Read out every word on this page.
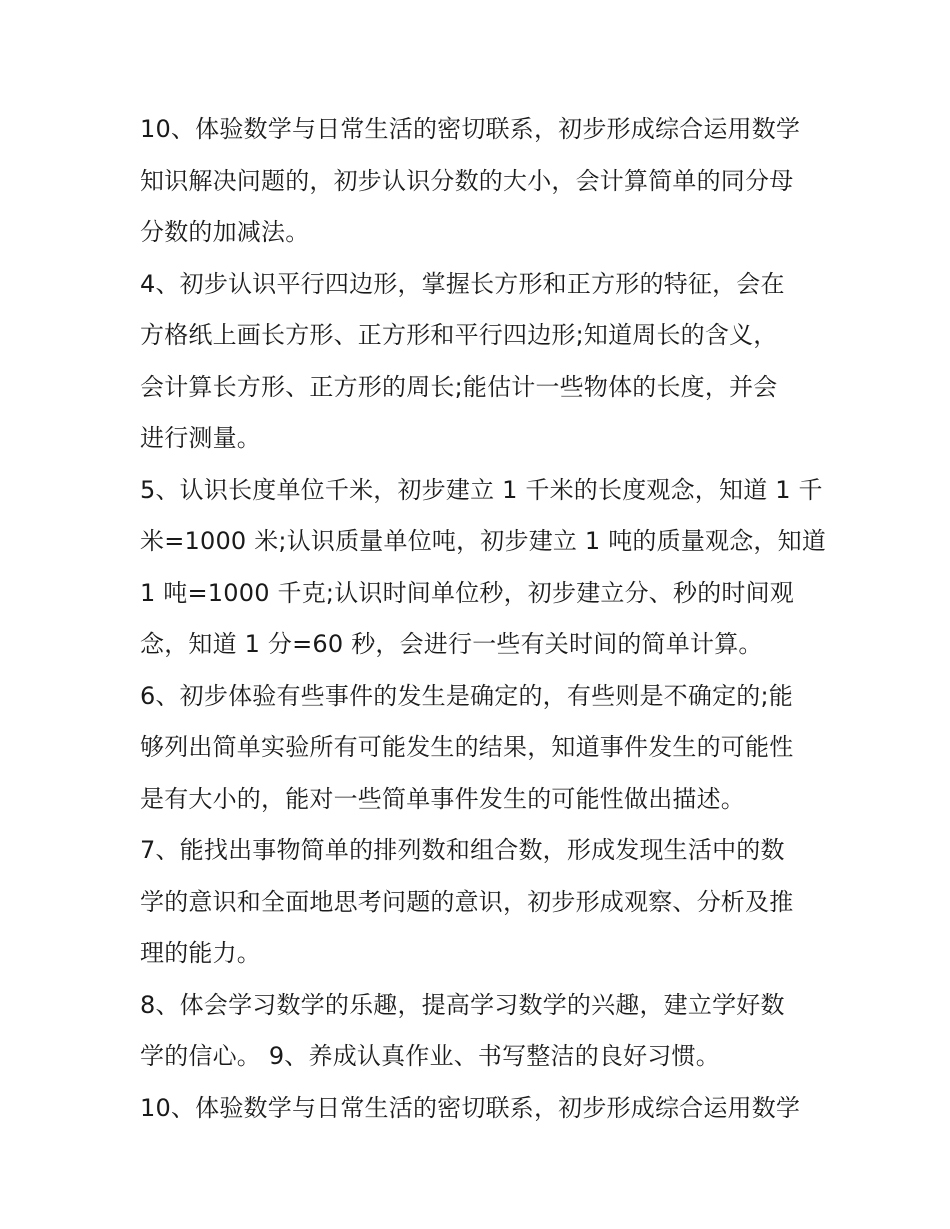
10、体验数学与日常生活的密切联系，初步形成综合运用数学
知识解决问题的，初步认识分数的大小，会计算简单的同分母
分数的加减法。

4、初步认识平行四边形，掌握长方形和正方形的特征，会在
方格纸上画长方形、正方形和平行四边形;知道周长的含义，
会计算长方形、正方形的周长;能估计一些物体的长度，并会
进行测量。

5、认识长度单位千米，初步建立 1 千米的长度观念，知道 1 千
米=1000 米;认识质量单位吨，初步建立 1 吨的质量观念，知道
1 吨=1000 千克;认识时间单位秒，初步建立分、秒的时间观
念，知道 1 分=60 秒，会进行一些有关时间的简单计算。

6、初步体验有些事件的发生是确定的，有些则是不确定的;能
够列出简单实验所有可能发生的结果，知道事件发生的可能性
是有大小的，能对一些简单事件发生的可能性做出描述。

7、能找出事物简单的排列数和组合数，形成发现生活中的数
学的意识和全面地思考问题的意识，初步形成观察、分析及推
理的能力。

8、体会学习数学的乐趣，提高学习数学的兴趣，建立学好数
学的信心。 9、养成认真作业、书写整洁的良好习惯。

10、体验数学与日常生活的密切联系，初步形成综合运用数学
